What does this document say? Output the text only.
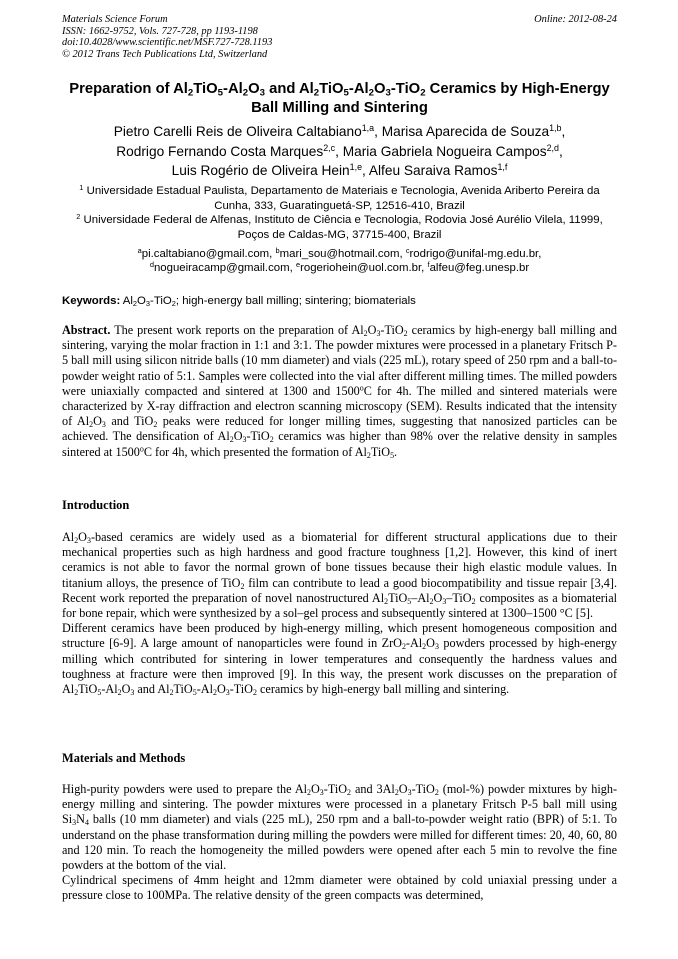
Materials Science Forum
ISSN: 1662-9752, Vols. 727-728, pp 1193-1198
doi:10.4028/www.scientific.net/MSF.727-728.1193
© 2012 Trans Tech Publications Ltd, Switzerland
Online: 2012-08-24
Preparation of $Al_2TiO_5-Al_2O_3$ and $Al_2TiO_5-Al_2O_3-TiO_2$ Ceramics by High-Energy Ball Milling and Sintering
Pietro Carelli Reis de Oliveira Caltabiano$^{1,a}$, Marisa Aparecida de Souza$^{1,b}$,
Rodrigo Fernando Costa Marques$^{2,c}$, Maria Gabriela Nogueira Campos$^{2,d}$,
Luis Rogério de Oliveira Hein$^{1,e}$, Alfeu Saraiva Ramos$^{1,f}$
$^1$ Universidade Estadual Paulista, Departamento de Materiais e Tecnologia, Avenida Ariberto Pereira da Cunha, 333, Guaratinguetá-SP, 12516-410, Brazil
$^2$ Universidade Federal de Alfenas, Instituto de Ciência e Tecnologia, Rodovia José Aurélio Vilela, 11999, Poços de Caldas-MG, 37715-400, Brazil
$^a$pi.caltabiano@gmail.com, $^b$mari_sou@hotmail.com, $^c$rodrigo@unifal-mg.edu.br,
$^d$nogueiracamp@gmail.com, $^e$rogeriohein@uol.com.br, $^f$alfeu@feg.unesp.br
Keywords: $Al_2O_3-TiO_2$; high-energy ball milling; sintering; biomaterials
Abstract. The present work reports on the preparation of $Al_2O_3-TiO_2$ ceramics by high-energy ball milling and sintering, varying the molar fraction in 1:1 and 3:1. The powder mixtures were processed in a planetary Fritsch P-5 ball mill using silicon nitride balls (10 mm diameter) and vials (225 mL), rotary speed of 250 rpm and a ball-to-powder weight ratio of 5:1. Samples were collected into the vial after different milling times. The milled powders were uniaxially compacted and sintered at 1300 and 1500$^o$C for 4h. The milled and sintered materials were characterized by X-ray diffraction and electron scanning microscopy (SEM). Results indicated that the intensity of $Al_2O_3$ and TiO$_2$ peaks were reduced for longer milling times, suggesting that nanosized particles can be achieved. The densification of $Al_2O_3-TiO_2$ ceramics was higher than 98% over the relative density in samples sintered at 1500$^o$C for 4h, which presented the formation of $Al_2TiO_5$.
Introduction
$Al_2O_3$-based ceramics are widely used as a biomaterial for different structural applications due to their mechanical properties such as high hardness and good fracture toughness [1,2]. However, this kind of inert ceramics is not able to favor the normal grown of bone tissues because their high elastic module values. In titanium alloys, the presence of TiO$_2$ film can contribute to lead a good biocompatibility and tissue repair [3,4]. Recent work reported the preparation of novel nanostructured $Al_2TiO_5-Al_2O_3-TiO_2$ composites as a biomaterial for bone repair, which were synthesized by a sol–gel process and subsequently sintered at 1300–1500 °C [5].
Different ceramics have been produced by high-energy milling, which present homogeneous composition and structure [6-9]. A large amount of nanoparticles were found in $ZrO_2-Al_2O_3$ powders processed by high-energy milling which contributed for sintering in lower temperatures and consequently the hardness values and toughness at fracture were then improved [9]. In this way, the present work discusses on the preparation of $Al_2TiO_5-Al_2O_3$ and $Al_2TiO_5-Al_2O_3-TiO_2$ ceramics by high-energy ball milling and sintering.
Materials and Methods
High-purity powders were used to prepare the $Al_2O_3-TiO_2$ and $3Al_2O_3-TiO_2$ (mol-%) powder mixtures by high-energy milling and sintering. The powder mixtures were processed in a planetary Fritsch P-5 ball mill using $Si_3N_4$ balls (10 mm diameter) and vials (225 mL), 250 rpm and a ball-to-powder weight ratio (BPR) of 5:1. To understand on the phase transformation during milling the powders were milled for different times: 20, 40, 60, 80 and 120 min. To reach the homogeneity the milled powders were opened after each 5 min to revolve the fine powders at the bottom of the vial.
Cylindrical specimens of 4mm height and 12mm diameter were obtained by cold uniaxial pressing under a pressure close to 100MPa. The relative density of the green compacts was determined,
